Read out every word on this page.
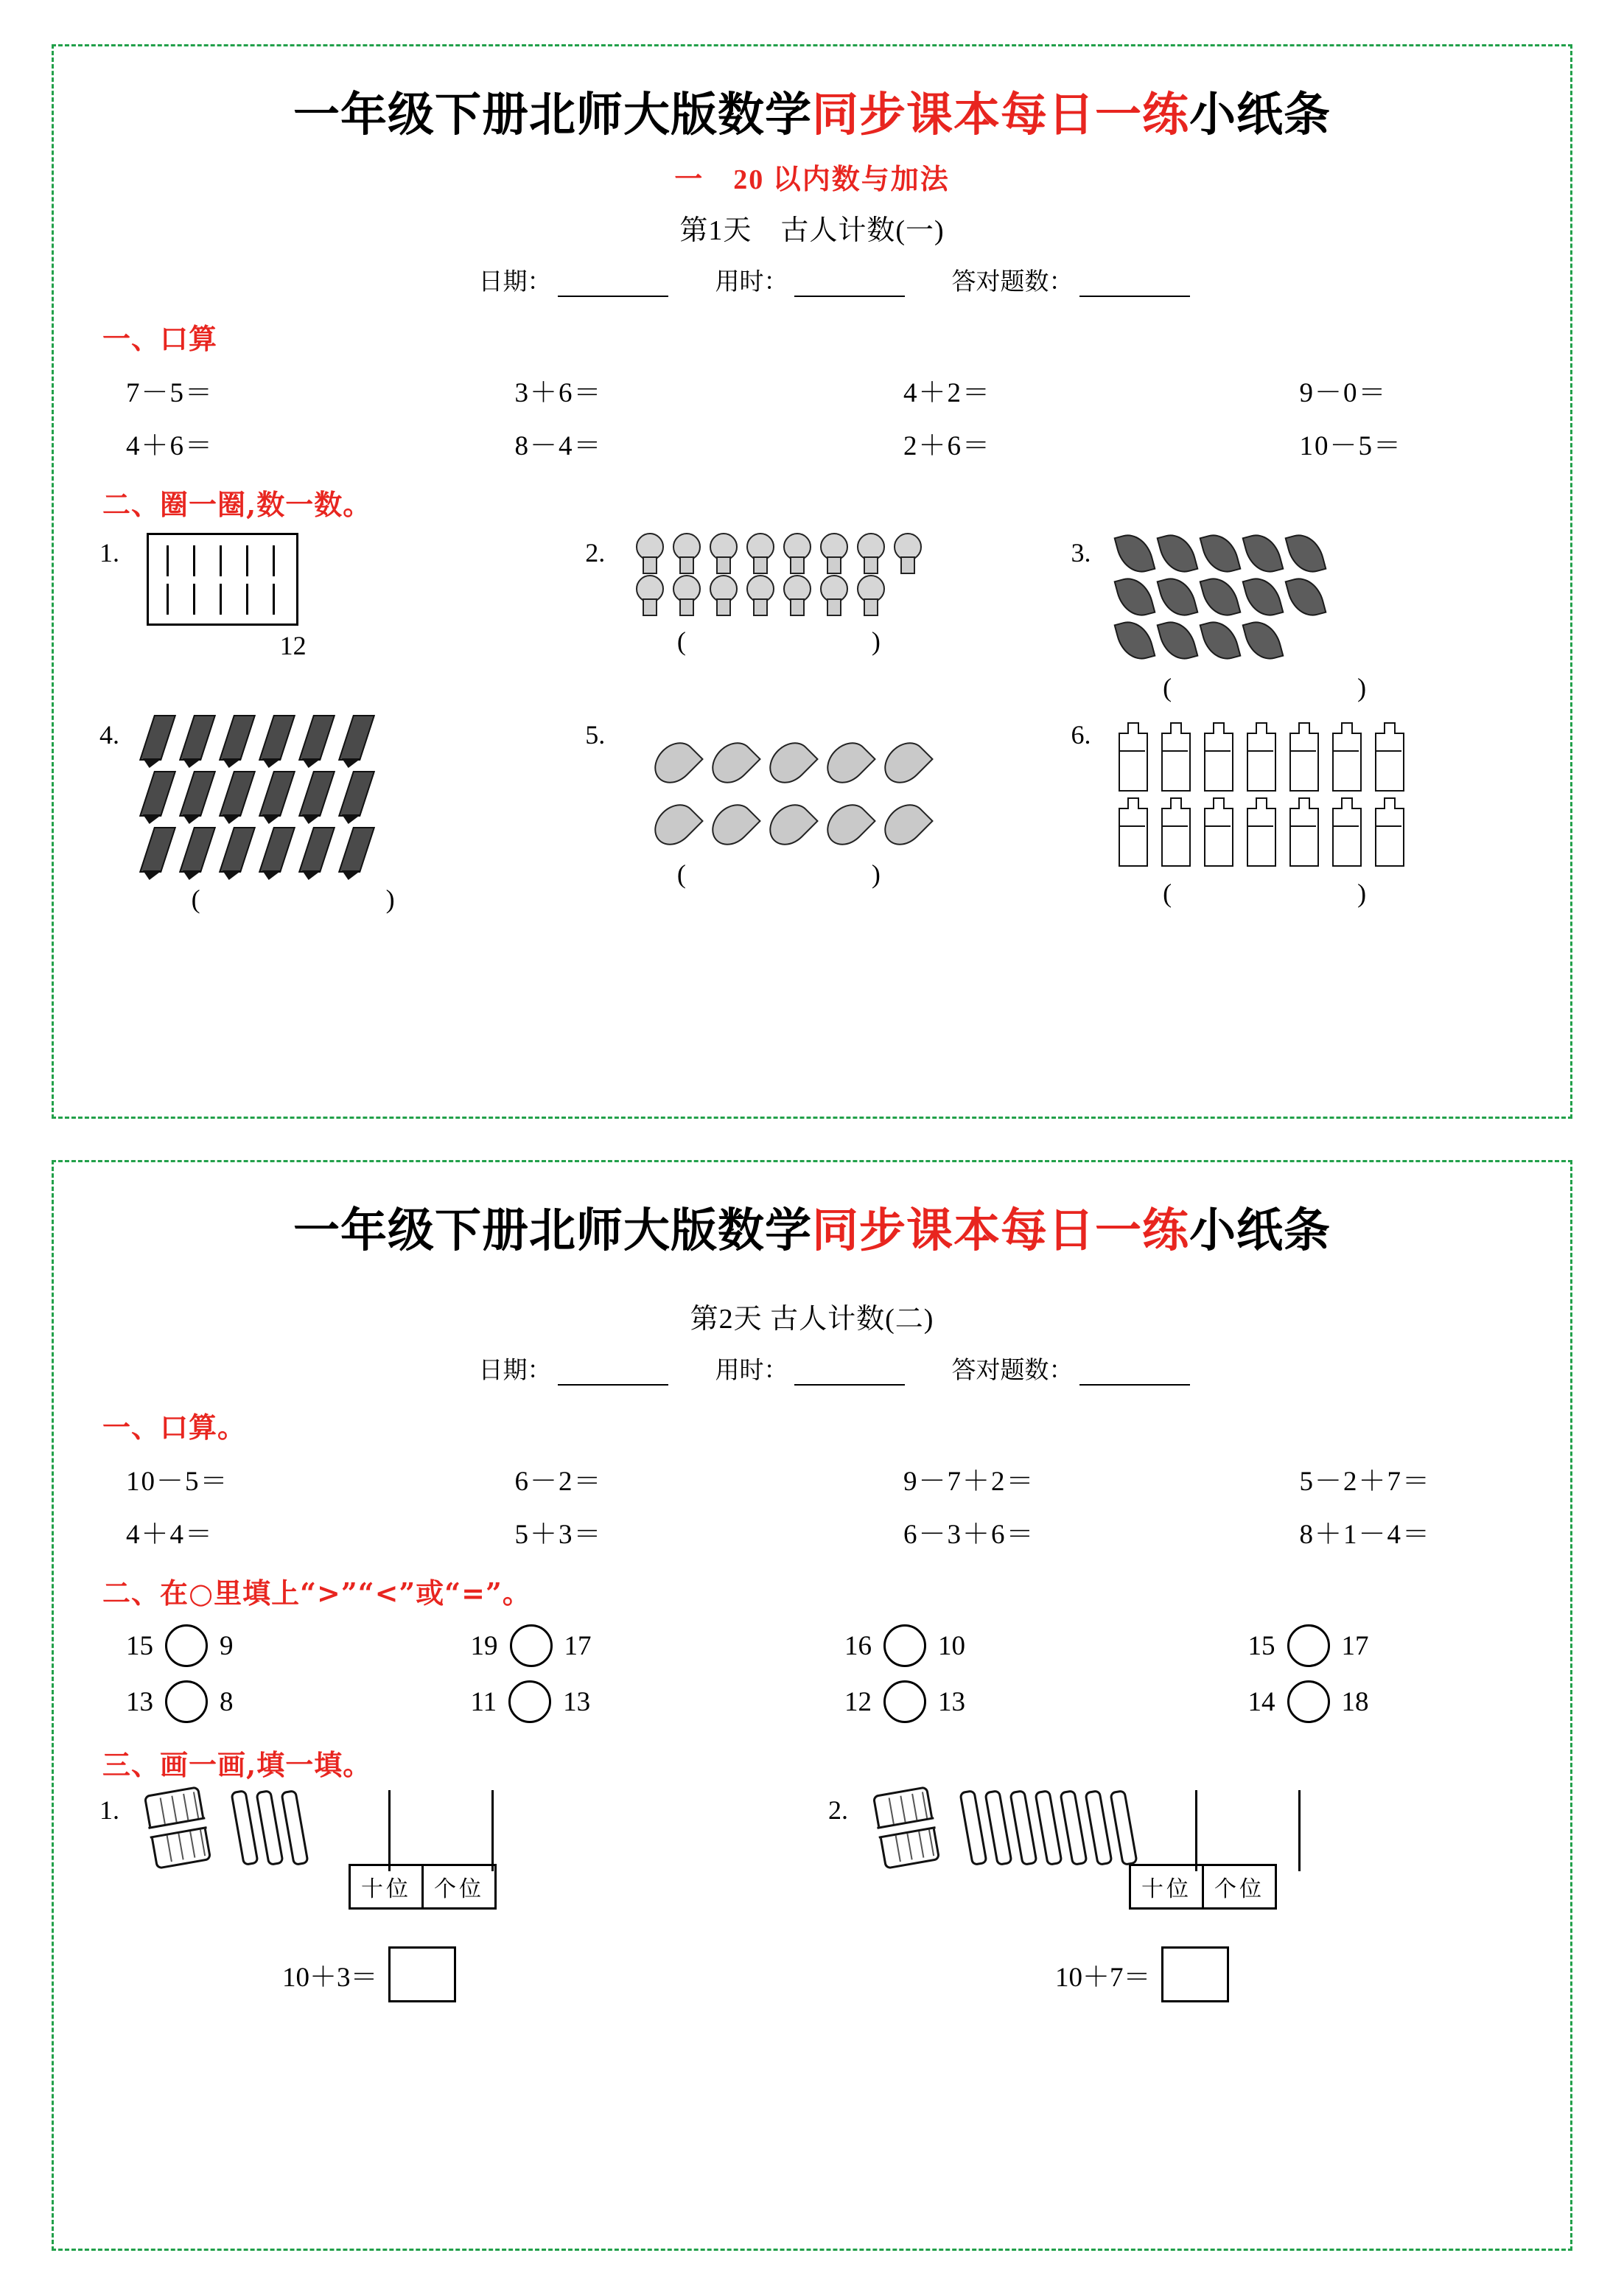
一年级下册北师大版数学同步课本每日一练小纸条
一　20 以内数与加法
第1天　古人计数(一)
日期：	用时：	答对题数：
一、口算
7－5＝	3＋6＝	4＋2＝	9－0＝
4＋6＝	8－4＝	2＋6＝	10－5＝
二、圈一圈,数一数。
1.
12
2.
(　　)
3.
(　　)
4.
(　　)
5.
(　　)
6.
(　　)
一年级下册北师大版数学同步课本每日一练小纸条
第2天 古人计数(二)
日期：	用时：	答对题数：
一、口算。
10－5＝	6－2＝	9－7＋2＝	5－2＋7＝
4＋4＝	5＋3＝	6－3＋6＝	8＋1－4＝
二、在○里填上“>”“<”或“=”。
15 9	19 17	16 10	15 17
13 8	11 13	12 13	14 18
三、画一画,填一填。
1.
十位	个位
10＋3＝
2.
十位	个位
10＋7＝
